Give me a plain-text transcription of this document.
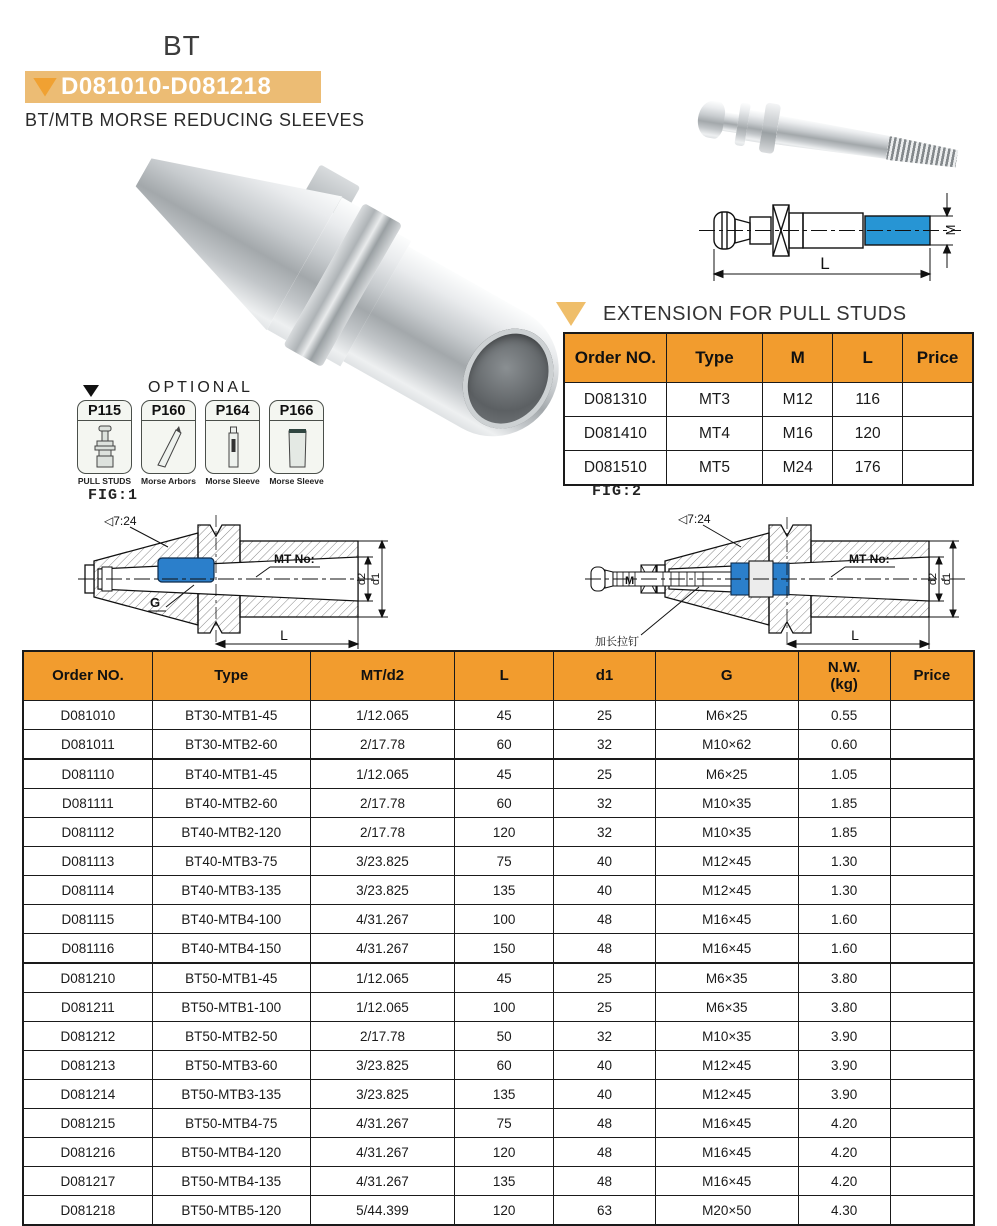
BT
D081010-D081218
BT/MTB MORSE REDUCING SLEEVES
M
L
EXTENSION FOR PULL STUDS
Order NO.	Type	M	L	Price
D081310	MT3	M12	116	
D081410	MT4	M16	120	
D081510	MT5	M24	176	
FIG:2
OPTIONAL
P115
PULL STUDS
P160
Morse Arbors
P164
Morse Sleeve
P166
Morse Sleeve
FIG:1
◁7:24
MT No:
G
d2 d1
L
◁7:24
MT No:
M
加长拉钉
d2 d1
L
Order NO.	Type	MT/d2	L	d1	G	N.W.
(kg)	Price
D081010	BT30-MTB1-45	1/12.065	45	25	M6×25	0.55	
D081011	BT30-MTB2-60	2/17.78	60	32	M10×62	0.60	
D081110	BT40-MTB1-45	1/12.065	45	25	M6×25	1.05	
D081111	BT40-MTB2-60	2/17.78	60	32	M10×35	1.85	
D081112	BT40-MTB2-120	2/17.78	120	32	M10×35	1.85	
D081113	BT40-MTB3-75	3/23.825	75	40	M12×45	1.30	
D081114	BT40-MTB3-135	3/23.825	135	40	M12×45	1.30	
D081115	BT40-MTB4-100	4/31.267	100	48	M16×45	1.60	
D081116	BT40-MTB4-150	4/31.267	150	48	M16×45	1.60	
D081210	BT50-MTB1-45	1/12.065	45	25	M6×35	3.80	
D081211	BT50-MTB1-100	1/12.065	100	25	M6×35	3.80	
D081212	BT50-MTB2-50	2/17.78	50	32	M10×35	3.90	
D081213	BT50-MTB3-60	3/23.825	60	40	M12×45	3.90	
D081214	BT50-MTB3-135	3/23.825	135	40	M12×45	3.90	
D081215	BT50-MTB4-75	4/31.267	75	48	M16×45	4.20	
D081216	BT50-MTB4-120	4/31.267	120	48	M16×45	4.20	
D081217	BT50-MTB4-135	4/31.267	135	48	M16×45	4.20	
D081218	BT50-MTB5-120	5/44.399	120	63	M20×50	4.30	
